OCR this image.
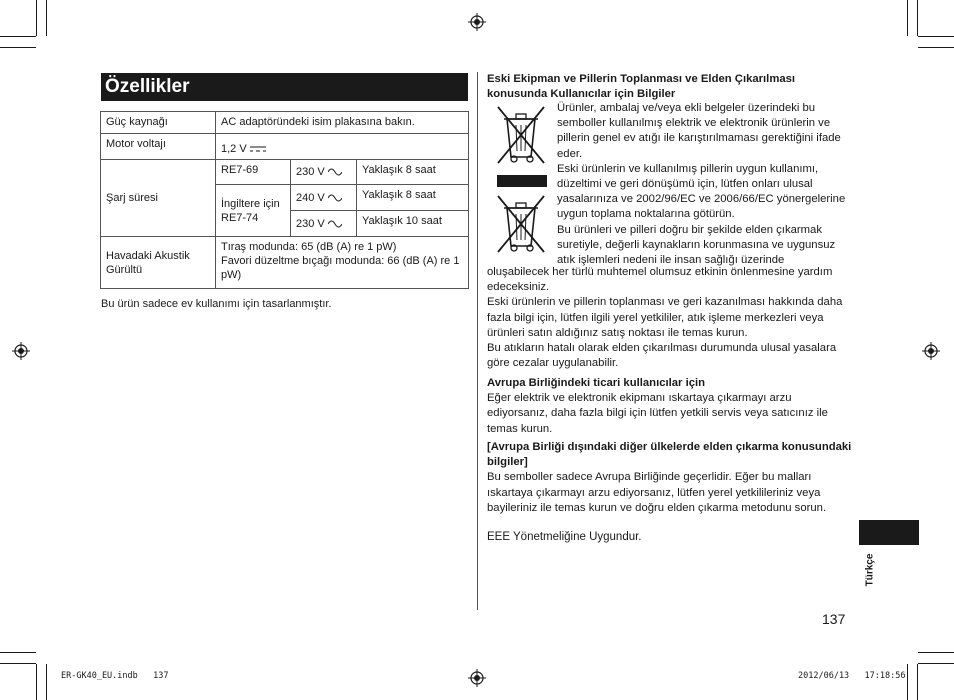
Özellikler
Güç kaynağı	AC adaptöründeki isim plakasına bakın.		
Motor voltajı	1,2 V		
Şarj süresi	RE7-69	230 V	Yaklaşık 8 saat
	İngiltere için RE7-74	240 V	Yaklaşık 8 saat
		230 V	Yaklaşık 10 saat
Havadaki Akustik Gürültü	Tıraş modunda: 65 (dB (A) re 1 pW)
Favori düzeltme bıçağı modunda: 66 (dB (A) re 1 pW)		
Bu ürün sadece ev kullanımı için tasarlanmıştır.
Eski Ekipman ve Pillerin Toplanması ve Elden Çıkarılması
konusunda Kullanıcılar için Bilgiler
Ürünler, ambalaj ve/veya ekli belgeler üzerindeki bu semboller kullanılmış elektrik ve elektronik ürünlerin ve pillerin genel ev atığı ile karıştırılmaması gerektiğini ifade eder.
Eski ürünlerin ve kullanılmış pillerin uygun kullanımı, düzeltimi ve geri dönüşümü için, lütfen onları ulusal yasalarınıza ve 2002/96/EC ve 2006/66/EC yönergelerine uygun toplama noktalarına götürün.
Bu ürünleri ve pilleri doğru bir şekilde elden çıkarmak suretiyle, değerli kaynakların korunmasına ve uygunsuz atık işlemleri nedeni ile insan sağlığı üzerinde
oluşabilecek her türlü muhtemel olumsuz etkinin önlenmesine yardım edeceksiniz.
Eski ürünlerin ve pillerin toplanması ve geri kazanılması hakkında daha fazla bilgi için, lütfen ilgili yerel yetkililer, atık işleme merkezleri veya ürünleri satın aldığınız satış noktası ile temas kurun.
Bu atıkların hatalı olarak elden çıkarılması durumunda ulusal yasalara göre cezalar uygulanabilir.
Avrupa Birliğindeki ticari kullanıcılar için
Eğer elektrik ve elektronik ekipmanı ıskartaya çıkarmayı arzu ediyorsanız, daha fazla bilgi için lütfen yetkili servis veya satıcınız ile temas kurun.
[Avrupa Birliği dışındaki diğer ülkelerde elden çıkarma konusundaki bilgiler]
Bu semboller sadece Avrupa Birliğinde geçerlidir. Eğer bu malları ıskartaya çıkarmayı arzu ediyorsanız, lütfen yerel yetkilileriniz veya bayileriniz ile temas kurun ve doğru elden çıkarma metodunu sorun.
EEE Yönetmeliğine Uygundur.
Türkçe
137
ER-GK40_EU.indb   137	2012/06/13   17:18:56
